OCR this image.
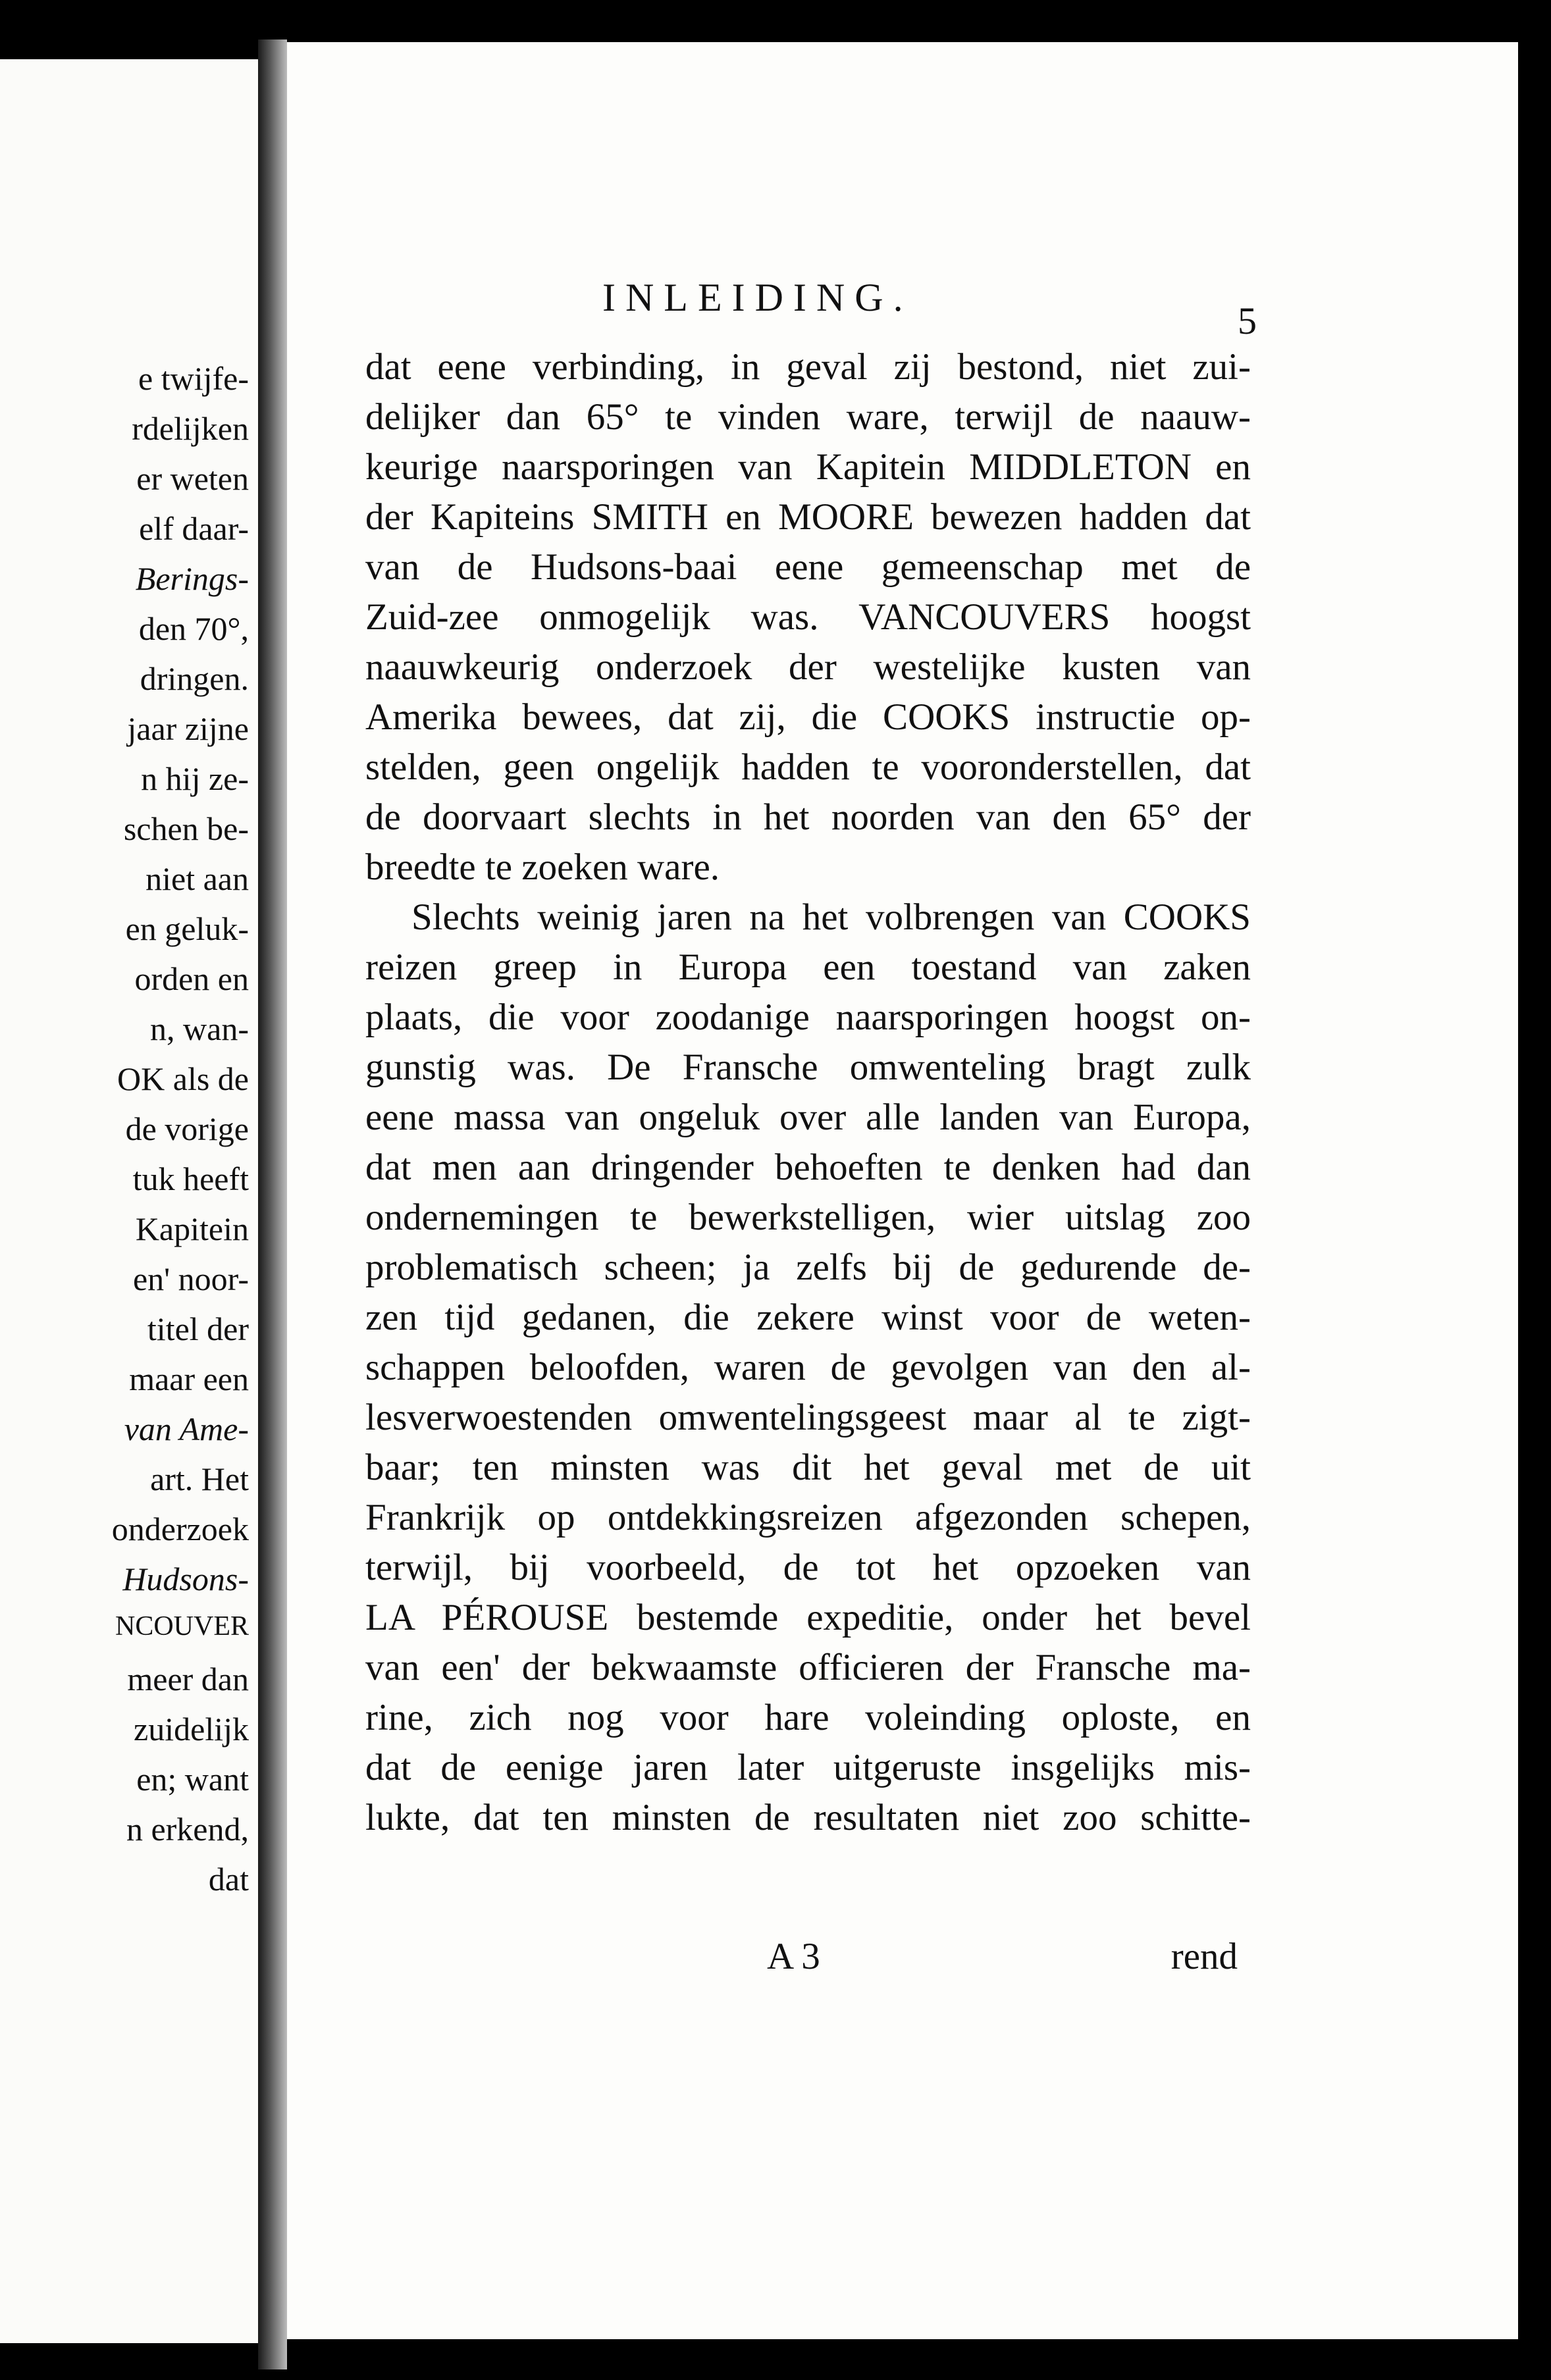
e twijfe-
rdelijken
er weten
elf daar-
Berings-
den 70°,
dringen.
jaar zijne
n hij ze-
schen be-
niet aan
en geluk-
orden en
n, wan-
OK als de
de vorige
tuk heeft
Kapitein
en' noor-
titel der
maar een
van Ame-
art. Het
onderzoek
Hudsons-
NCOUVER
meer dan
zuidelijk
en; want
n erkend,
dat
INLEIDING.
5
dat eene verbinding, in geval zij bestond, niet zui-
delijker dan 65° te vinden ware, terwijl de naauw-
keurige naarsporingen van Kapitein MIDDLETON en
der Kapiteins SMITH en MOORE bewezen hadden dat
van de Hudsons-baai eene gemeenschap met de
Zuid-zee onmogelijk was. VANCOUVERS hoogst
naauwkeurig onderzoek der westelijke kusten van
Amerika bewees, dat zij, die COOKS instructie op-
stelden, geen ongelijk hadden te vooronderstellen, dat
de doorvaart slechts in het noorden van den 65° der
breedte te zoeken ware.
Slechts weinig jaren na het volbrengen van COOKS
reizen greep in Europa een toestand van zaken
plaats, die voor zoodanige naarsporingen hoogst on-
gunstig was. De Fransche omwenteling bragt zulk
eene massa van ongeluk over alle landen van Europa,
dat men aan dringender behoeften te denken had dan
ondernemingen te bewerkstelligen, wier uitslag zoo
problematisch scheen; ja zelfs bij de gedurende de-
zen tijd gedanen, die zekere winst voor de weten-
schappen beloofden, waren de gevolgen van den al-
lesverwoestenden omwentelingsgeest maar al te zigt-
baar; ten minsten was dit het geval met de uit
Frankrijk op ontdekkingsreizen afgezonden schepen,
terwijl, bij voorbeeld, de tot het opzoeken van
LA PÉROUSE bestemde expeditie, onder het bevel
van een' der bekwaamste officieren der Fransche ma-
rine, zich nog voor hare voleinding oploste, en
dat de eenige jaren later uitgeruste insgelijks mis-
lukte, dat ten minsten de resultaten niet zoo schitte-
A 3	rend
